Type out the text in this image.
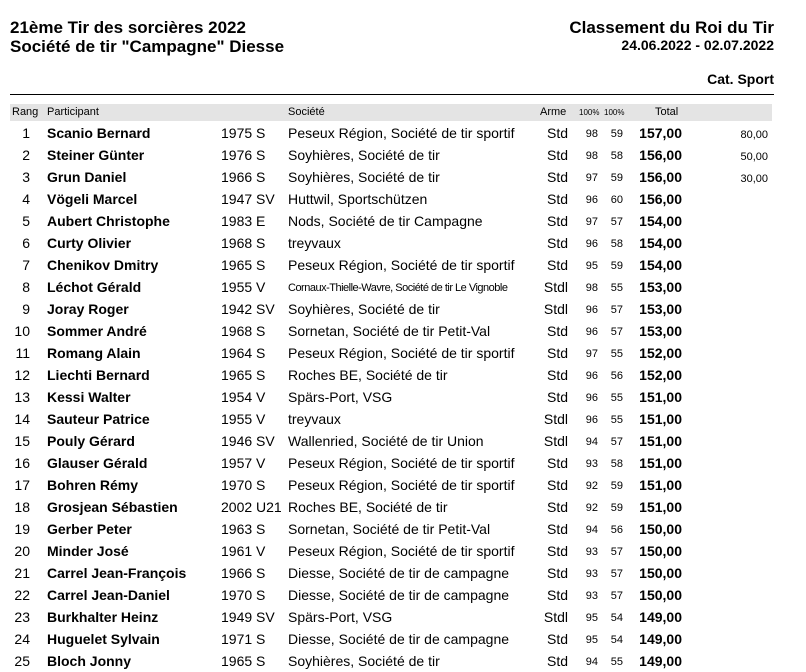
21ème Tir des sorcières 2022
Société de tir "Campagne" Diesse
Classement du Roi du Tir
24.06.2022 - 02.07.2022
Cat. Sport
Rang Participant	Société	Arme 100% 100%	Total
1 Scanio Bernard	1975 S Peseux Région, Société de tir sportif	Std 98 59	157,00	80,00
2 Steiner Günter	1976 S Soyhières, Société de tir	Std 98 58	156,00	50,00
3 Grun Daniel	1966 S Soyhières, Société de tir	Std 97 59	156,00	30,00
4 Vögeli Marcel	1947 SV Huttwil, Sportschützen	Std 96 60	156,00
5 Aubert Christophe	1983 E Nods, Société de tir Campagne	Std 97 57	154,00
6 Curty Olivier	1968 S treyvaux	Std 96 58	154,00
7 Chenikov Dmitry	1965 S Peseux Région, Société de tir sportif	Std 95 59	154,00
8 Léchot Gérald	1955 V Cornaux-Thielle-Wavre, Société de tir Le Vignoble	Stdl 98 55	153,00
9 Joray Roger	1942 SV Soyhières, Société de tir	Stdl 96 57	153,00
10 Sommer André	1968 S Sornetan, Société de tir Petit-Val	Std 96 57	153,00
11 Romang Alain	1964 S Peseux Région, Société de tir sportif	Std 97 55	152,00
12 Liechti Bernard	1965 S Roches BE, Société de tir	Std 96 56	152,00
13 Kessi Walter	1954 V Spärs-Port, VSG	Std 96 55	151,00
14 Sauteur Patrice	1955 V treyvaux	Stdl 96 55	151,00
15 Pouly Gérard	1946 SV Wallenried, Société de tir Union	Stdl 94 57	151,00
16 Glauser Gérald	1957 V Peseux Région, Société de tir sportif	Std 93 58	151,00
17 Bohren Rémy	1970 S Peseux Région, Société de tir sportif	Std 92 59	151,00
18 Grosjean Sébastien	2002 U21 Roches BE, Société de tir	Std 92 59	151,00
19 Gerber Peter	1963 S Sornetan, Société de tir Petit-Val	Std 94 56	150,00
20 Minder José	1961 V Peseux Région, Société de tir sportif	Std 93 57	150,00
21 Carrel Jean-François 1966 S Diesse, Société de tir de campagne	Std 93 57	150,00
22 Carrel Jean-Daniel	1970 S Diesse, Société de tir de campagne	Std 93 57	150,00
23 Burkhalter Heinz	1949 SV Spärs-Port, VSG	Stdl 95 54	149,00
24 Huguelet Sylvain	1971 S Diesse, Société de tir de campagne	Std 95 54	149,00
25 Bloch Jonny	1965 S Soyhières, Société de tir	Std 94 55	149,00
